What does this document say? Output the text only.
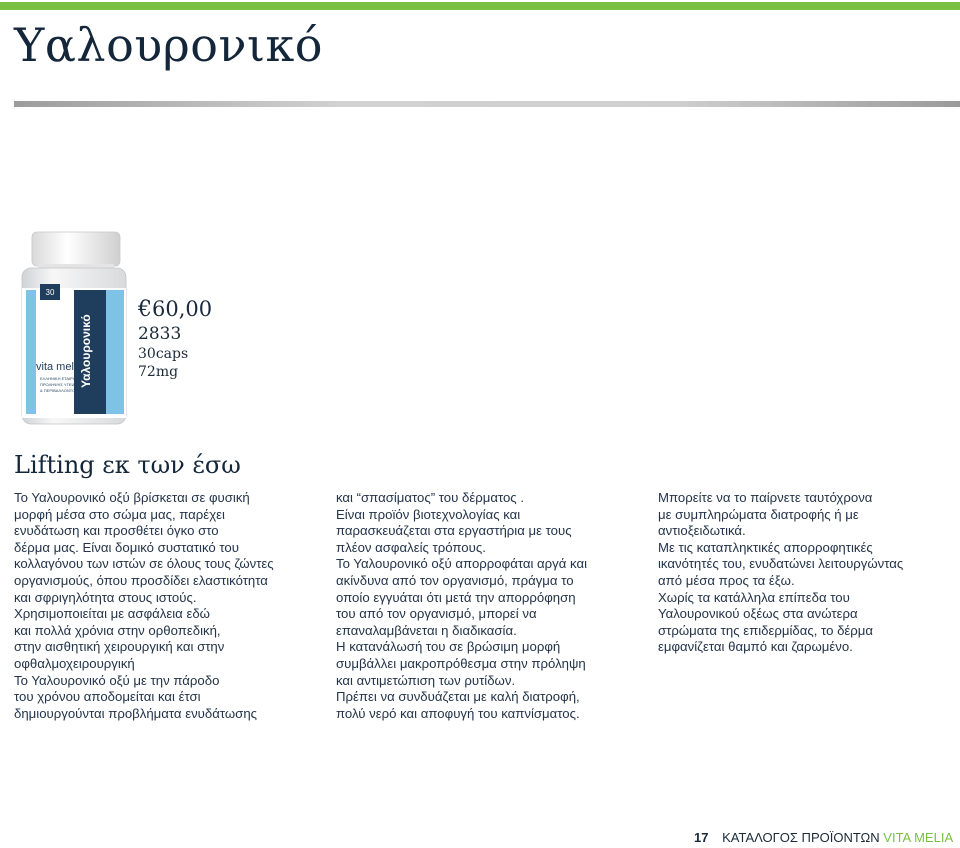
Υαλουρονικό
30
vita melia
Υαλουρονικό
ΕΛΛΗΝΙΚΗ ΕΤΑΙΡΙΑ
ΠΡΟΛΗΨΗΣ ΥΓΕΙΑΣ
& ΠΕΡΙΒΑΛΛΟΝΤΟΣ
€60,00
2833
30caps
72mg
Lifting εκ των έσω

Το Υαλουρονικό οξύ βρίσκεται σε φυσική

μορφή μέσα στο σώμα μας, παρέχει

ενυδάτωση και προσθέτει όγκο στο

δέρμα μας. Είναι δομικό συστατικό του

κολλαγόνου των ιστών σε όλους τους ζώντες

οργανισμούς, όπου προσδίδει ελαστικότητα

και σφριγηλότητα στους ιστούς.

Χρησιμοποιείται με ασφάλεια εδώ

και πολλά χρόνια στην ορθοπεδική,

στην αισθητική χειρουργική και στην

οφθαλμοχειρουργική

Το Υαλουρονικό οξύ με την πάροδο

του χρόνου αποδομείται και έτσι

δημιουργούνται προβλήματα ενυδάτωσης

και “σπασίματος” του δέρματος .

Είναι προϊόν βιοτεχνολογίας και

παρασκευάζεται στα εργαστήρια με τους

πλέον ασφαλείς τρόπους.

Το Υαλουρονικό οξύ απορροφάται αργά και

ακίνδυνα από τον οργανισμό, πράγμα το

οποίο εγγυάται ότι μετά την απορρόφηση

του από τον οργανισμό, μπορεί να

επαναλαμβάνεται η διαδικασία.

Η κατανάλωσή του σε βρώσιμη μορφή

συμβάλλει μακροπρόθεσμα στην πρόληψη

και αντιμετώπιση των ρυτίδων.

Πρέπει να συνδυάζεται με καλή διατροφή,

πολύ νερό και αποφυγή του καπνίσματος.

Μπορείτε να το παίρνετε ταυτόχρονα

με συμπληρώματα διατροφής ή με

αντιοξειδωτικά.

Με τις καταπληκτικές απορροφητικές

ικανότητές του, ενυδατώνει λειτουργώντας

από μέσα προς τα έξω.

Χωρίς τα κατάλληλα επίπεδα του

Υαλουρονικού οξέως στα ανώτερα

στρώματα της επιδερμίδας, το δέρμα

εμφανίζεται θαμπό και ζαρωμένο.

17 ΚΑΤΑΛΟΓΟΣ ΠΡΟΪΟΝΤΩΝ VITA MELIA
